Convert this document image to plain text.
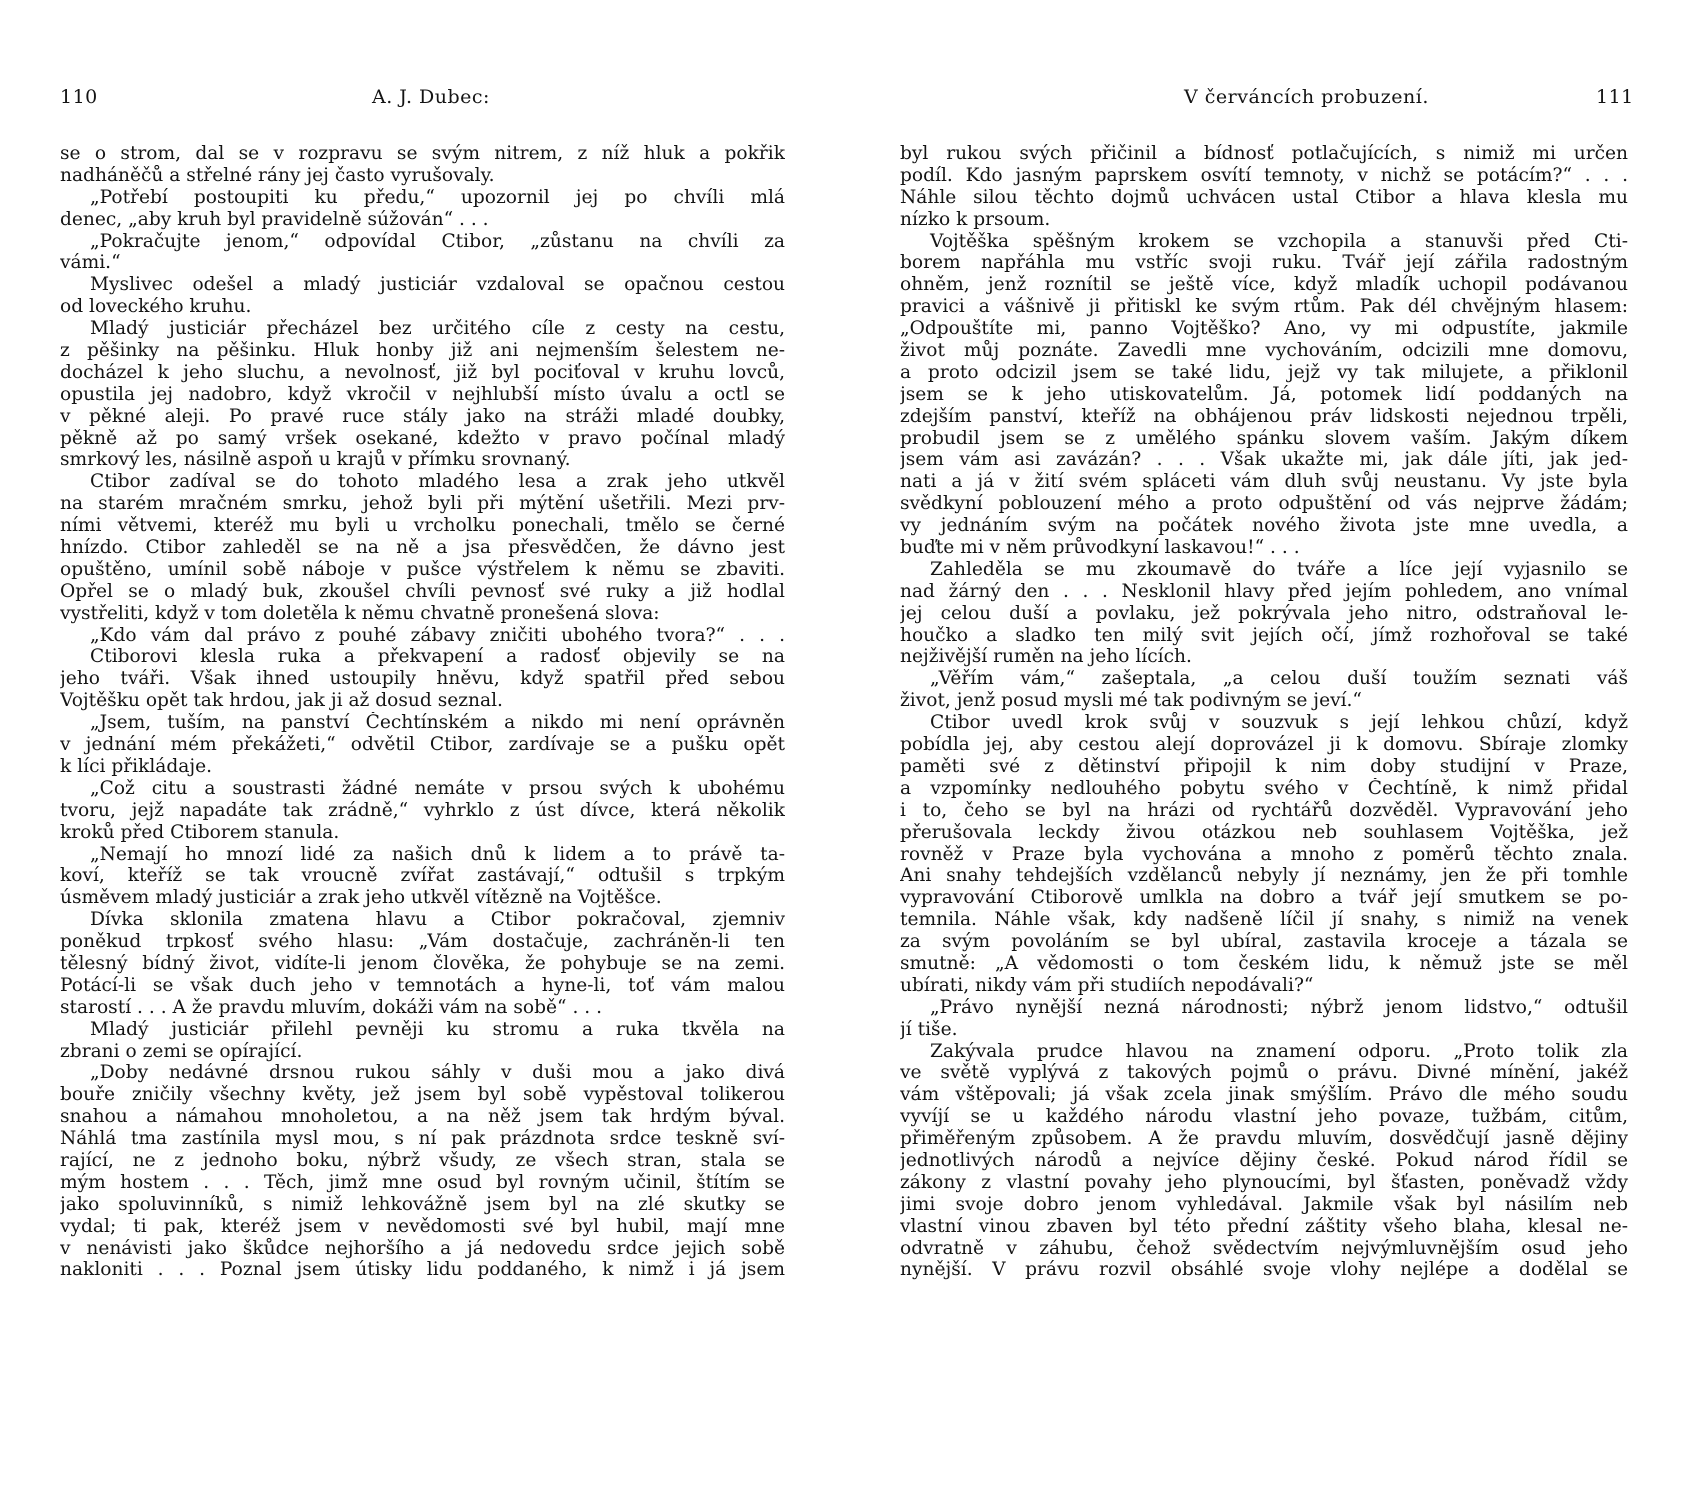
110	A. J. Dubec:
se o strom, dal se v rozpravu se svým nitrem, z níž hluk a pokřik
nadháněčů a střelné rány jej často vyrušovaly.
„Potřebí postoupiti ku předu,“ upozornil jej po chvíli mlá
denec, „aby kruh byl pravidelně súžován“ . . .
„Pokračujte jenom,“ odpovídal Ctibor, „zůstanu na chvíli za
vámi.“
Myslivec odešel a mladý justiciár vzdaloval se opačnou cestou
od loveckého kruhu.
Mladý justiciár přecházel bez určitého cíle z cesty na cestu,
z pěšinky na pěšinku. Hluk honby již ani nejmenším šelestem ne-
docházel k jeho sluchu, a nevolnosť, již byl pociťoval v kruhu lovců,
opustila jej nadobro, když vkročil v nejhlubší místo úvalu a octl se
v pěkné aleji. Po pravé ruce stály jako na stráži mladé doubky,
pěkně až po samý vršek osekané, kdežto v pravo počínal mladý
smrkový les, násilně aspoň u krajů v přímku srovnaný.
Ctibor zadíval se do tohoto mladého lesa a zrak jeho utkvěl
na starém mračném smrku, jehož byli při mýtění ušetřili. Mezi prv-
ními větvemi, kteréž mu byli u vrcholku ponechali, tmělo se černé
hnízdo. Ctibor zahleděl se na ně a jsa přesvědčen, že dávno jest
opuštěno, umínil sobě náboje v pušce výstřelem k němu se zbaviti.
Opřel se o mladý buk, zkoušel chvíli pevnosť své ruky a již hodlal
vystřeliti, když v tom doletěla k němu chvatně pronešená slova:
„Kdo vám dal právo z pouhé zábavy zničiti ubohého tvora?“ . . .
Ctiborovi klesla ruka a překvapení a radosť objevily se na
jeho tváři. Však ihned ustoupily hněvu, když spatřil před sebou
Vojtěšku opět tak hrdou, jak ji až dosud seznal.
„Jsem, tuším, na panství Čechtínském a nikdo mi není oprávněn
v jednání mém překážeti,“ odvětil Ctibor, zardívaje se a pušku opět
k líci přikládaje.
„Což citu a soustrasti žádné nemáte v prsou svých k ubohému
tvoru, jejž napadáte tak zrádně,“ vyhrklo z úst dívce, která několik
kroků před Ctiborem stanula.
„Nemají ho mnozí lidé za našich dnů k lidem a to právě ta-
koví, kteříž se tak vroucně zvířat zastávají,“ odtušil s trpkým
úsměvem mladý justiciár a zrak jeho utkvěl vítězně na Vojtěšce.
Dívka sklonila zmatena hlavu a Ctibor pokračoval, zjemniv
poněkud trpkosť svého hlasu: „Vám dostačuje, zachráněn-li ten
tělesný bídný život, vidíte-li jenom člověka, že pohybuje se na zemi.
Potácí-li se však duch jeho v temnotách a hyne-li, toť vám malou
starostí . . . A že pravdu mluvím, dokáži vám na sobě“ . . .
Mladý justiciár přilehl pevněji ku stromu a ruka tkvěla na
zbrani o zemi se opírající.
„Doby nedávné drsnou rukou sáhly v duši mou a jako divá
bouře zničily všechny květy, jež jsem byl sobě vypěstoval tolikerou
snahou a námahou mnoholetou, a na něž jsem tak hrdým býval.
Náhlá tma zastínila mysl mou, s ní pak prázdnota srdce teskně sví-
rající, ne z jednoho boku, nýbrž všudy, ze všech stran, stala se
mým hostem . . . Těch, jimž mne osud byl rovným učinil, štítím se
jako spoluvinníků, s nimiž lehkovážně jsem byl na zlé skutky se
vydal; ti pak, kteréž jsem v nevědomosti své byl hubil, mají mne
v nenávisti jako škůdce nejhoršího a já nedovedu srdce jejich sobě
nakloniti . . . Poznal jsem útisky lidu poddaného, k nimž i já jsem
V červáncích probuzení.	111
byl rukou svých přičinil a bídnosť potlačujících, s nimiž mi určen
podíl. Kdo jasným paprskem osvítí temnoty, v nichž se potácím?“ . . .
Náhle silou těchto dojmů uchvácen ustal Ctibor a hlava klesla mu
nízko k prsoum.
Vojtěška spěšným krokem se vzchopila a stanuvši před Cti-
borem napřáhla mu vstříc svoji ruku. Tvář její zářila radostným
ohněm, jenž roznítil se ještě více, když mladík uchopil podávanou
pravici a vášnivě ji přitiskl ke svým rtům. Pak dél chvějným hlasem:
„Odpouštíte mi, panno Vojtěško? Ano, vy mi odpustíte, jakmile
život můj poznáte. Zavedli mne vychováním, odcizili mne domovu,
a proto odcizil jsem se také lidu, jejž vy tak milujete, a přiklonil
jsem se k jeho utiskovatelům. Já, potomek lidí poddaných na
zdejším panství, kteříž na obhájenou práv lidskosti nejednou trpěli,
probudil jsem se z umělého spánku slovem vaším. Jakým díkem
jsem vám asi zavázán? . . . Však ukažte mi, jak dále jíti, jak jed-
nati a já v žití svém spláceti vám dluh svůj neustanu. Vy jste byla
svědkyní poblouzení mého a proto odpuštění od vás nejprve žádám;
vy jednáním svým na počátek nového života jste mne uvedla, a
buďte mi v něm průvodkyní laskavou!“ . . .
Zahleděla se mu zkoumavě do tváře a líce její vyjasnilo se
nad žárný den . . . Nesklonil hlavy před jejím pohledem, ano vnímal
jej celou duší a povlaku, jež pokrývala jeho nitro, odstraňoval le-
houčko a sladko ten milý svit jejích očí, jímž rozhořoval se také
nejživější ruměn na jeho lících.
„Věřím vám,“ zašeptala, „a celou duší toužím seznati váš
život, jenž posud mysli mé tak podivným se jeví.“
Ctibor uvedl krok svůj v souzvuk s její lehkou chůzí, když
pobídla jej, aby cestou alejí doprovázel ji k domovu. Sbíraje zlomky
paměti své z dětinství připojil k nim doby studijní v Praze,
a vzpomínky nedlouhého pobytu svého v Čechtíně, k nimž přidal
i to, čeho se byl na hrázi od rychtářů dozvěděl. Vypravování jeho
přerušovala leckdy živou otázkou neb souhlasem Vojtěška, jež
rovněž v Praze byla vychována a mnoho z poměrů těchto znala.
Ani snahy tehdejších vzdělanců nebyly jí neznámy, jen že při tomhle
vypravování Ctiborově umlkla na dobro a tvář její smutkem se po-
temnila. Náhle však, kdy nadšeně líčil jí snahy, s nimiž na venek
za svým povoláním se byl ubíral, zastavila kroceje a tázala se
smutně: „A vědomosti o tom českém lidu, k němuž jste se měl
ubírati, nikdy vám při studiích nepodávali?“
„Právo nynější nezná národnosti; nýbrž jenom lidstvo,“ odtušil
jí tiše.
Zakývala prudce hlavou na znamení odporu. „Proto tolik zla
ve světě vyplývá z takových pojmů o právu. Divné mínění, jakéž
vám vštěpovali; já však zcela jinak smýšlím. Právo dle mého soudu
vyvíjí se u každého národu vlastní jeho povaze, tužbám, citům,
přiměřeným způsobem. A že pravdu mluvím, dosvědčují jasně dějiny
jednotlivých národů a nejvíce dějiny české. Pokud národ řídil se
zákony z vlastní povahy jeho plynoucími, byl šťasten, poněvadž vždy
jimi svoje dobro jenom vyhledával. Jakmile však byl násilím neb
vlastní vinou zbaven byl této přední záštity všeho blaha, klesal ne-
odvratně v záhubu, čehož svědectvím nejvýmluvnějším osud jeho
nynější. V právu rozvil obsáhlé svoje vlohy nejlépe a dodělal se
